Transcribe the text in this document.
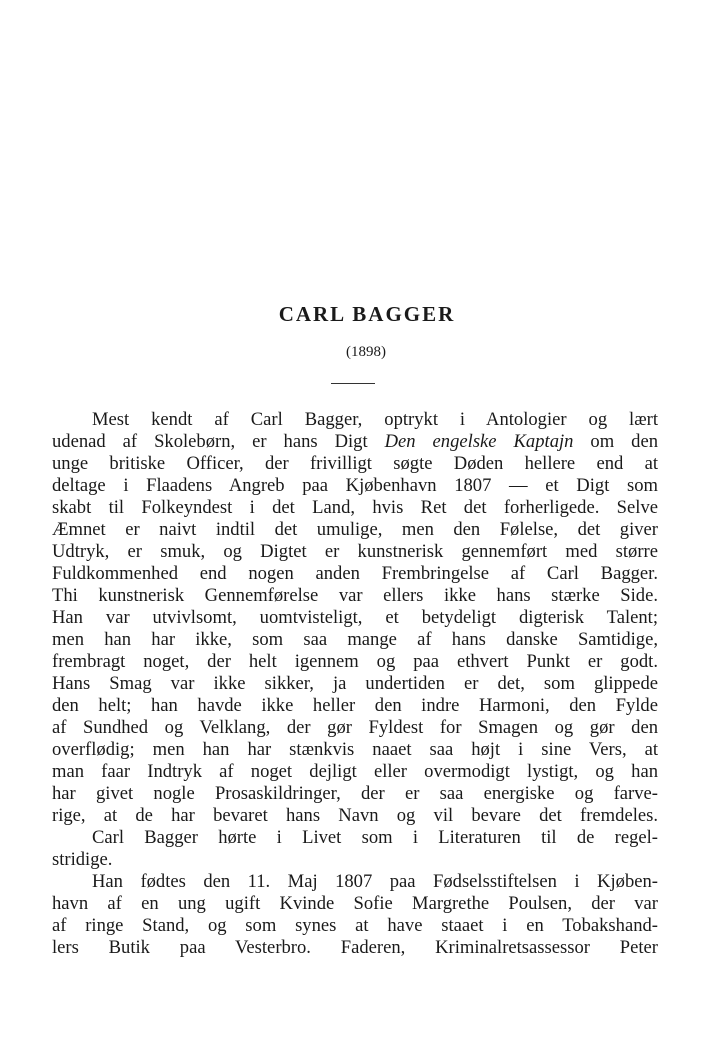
CARL BAGGER
(1898)
Mest kendt af Carl Bagger, optrykt i Antologier og lært
udenad af Skolebørn, er hans Digt Den engelske Kaptajn om den
unge britiske Officer, der frivilligt søgte Døden hellere end at
deltage i Flaadens Angreb paa Kjøbenhavn 1807 — et Digt som
skabt til Folkeyndest i det Land, hvis Ret det forherligede. Selve
Æmnet er naivt indtil det umulige, men den Følelse, det giver
Udtryk, er smuk, og Digtet er kunstnerisk gennemført med større
Fuldkommenhed end nogen anden Frembringelse af Carl Bagger.
Thi kunstnerisk Gennemførelse var ellers ikke hans stærke Side.
Han var utvivlsomt, uomtvisteligt, et betydeligt digterisk Talent;
men han har ikke, som saa mange af hans danske Samtidige,
frembragt noget, der helt igennem og paa ethvert Punkt er godt.
Hans Smag var ikke sikker, ja undertiden er det, som glippede
den helt; han havde ikke heller den indre Harmoni, den Fylde
af Sundhed og Velklang, der gør Fyldest for Smagen og gør den
overflødig; men han har stænkvis naaet saa højt i sine Vers, at
man faar Indtryk af noget dejligt eller overmodigt lystigt, og han
har givet nogle Prosaskildringer, der er saa energiske og farve-
rige, at de har bevaret hans Navn og vil bevare det fremdeles.
Carl Bagger hørte i Livet som i Literaturen til de regel-
stridige.
Han fødtes den 11. Maj 1807 paa Fødselsstiftelsen i Kjøben-
havn af en ung ugift Kvinde Sofie Margrethe Poulsen, der var
af ringe Stand, og som synes at have staaet i en Tobakshand-
lers Butik paa Vesterbro. Faderen, Kriminalretsassessor Peter
